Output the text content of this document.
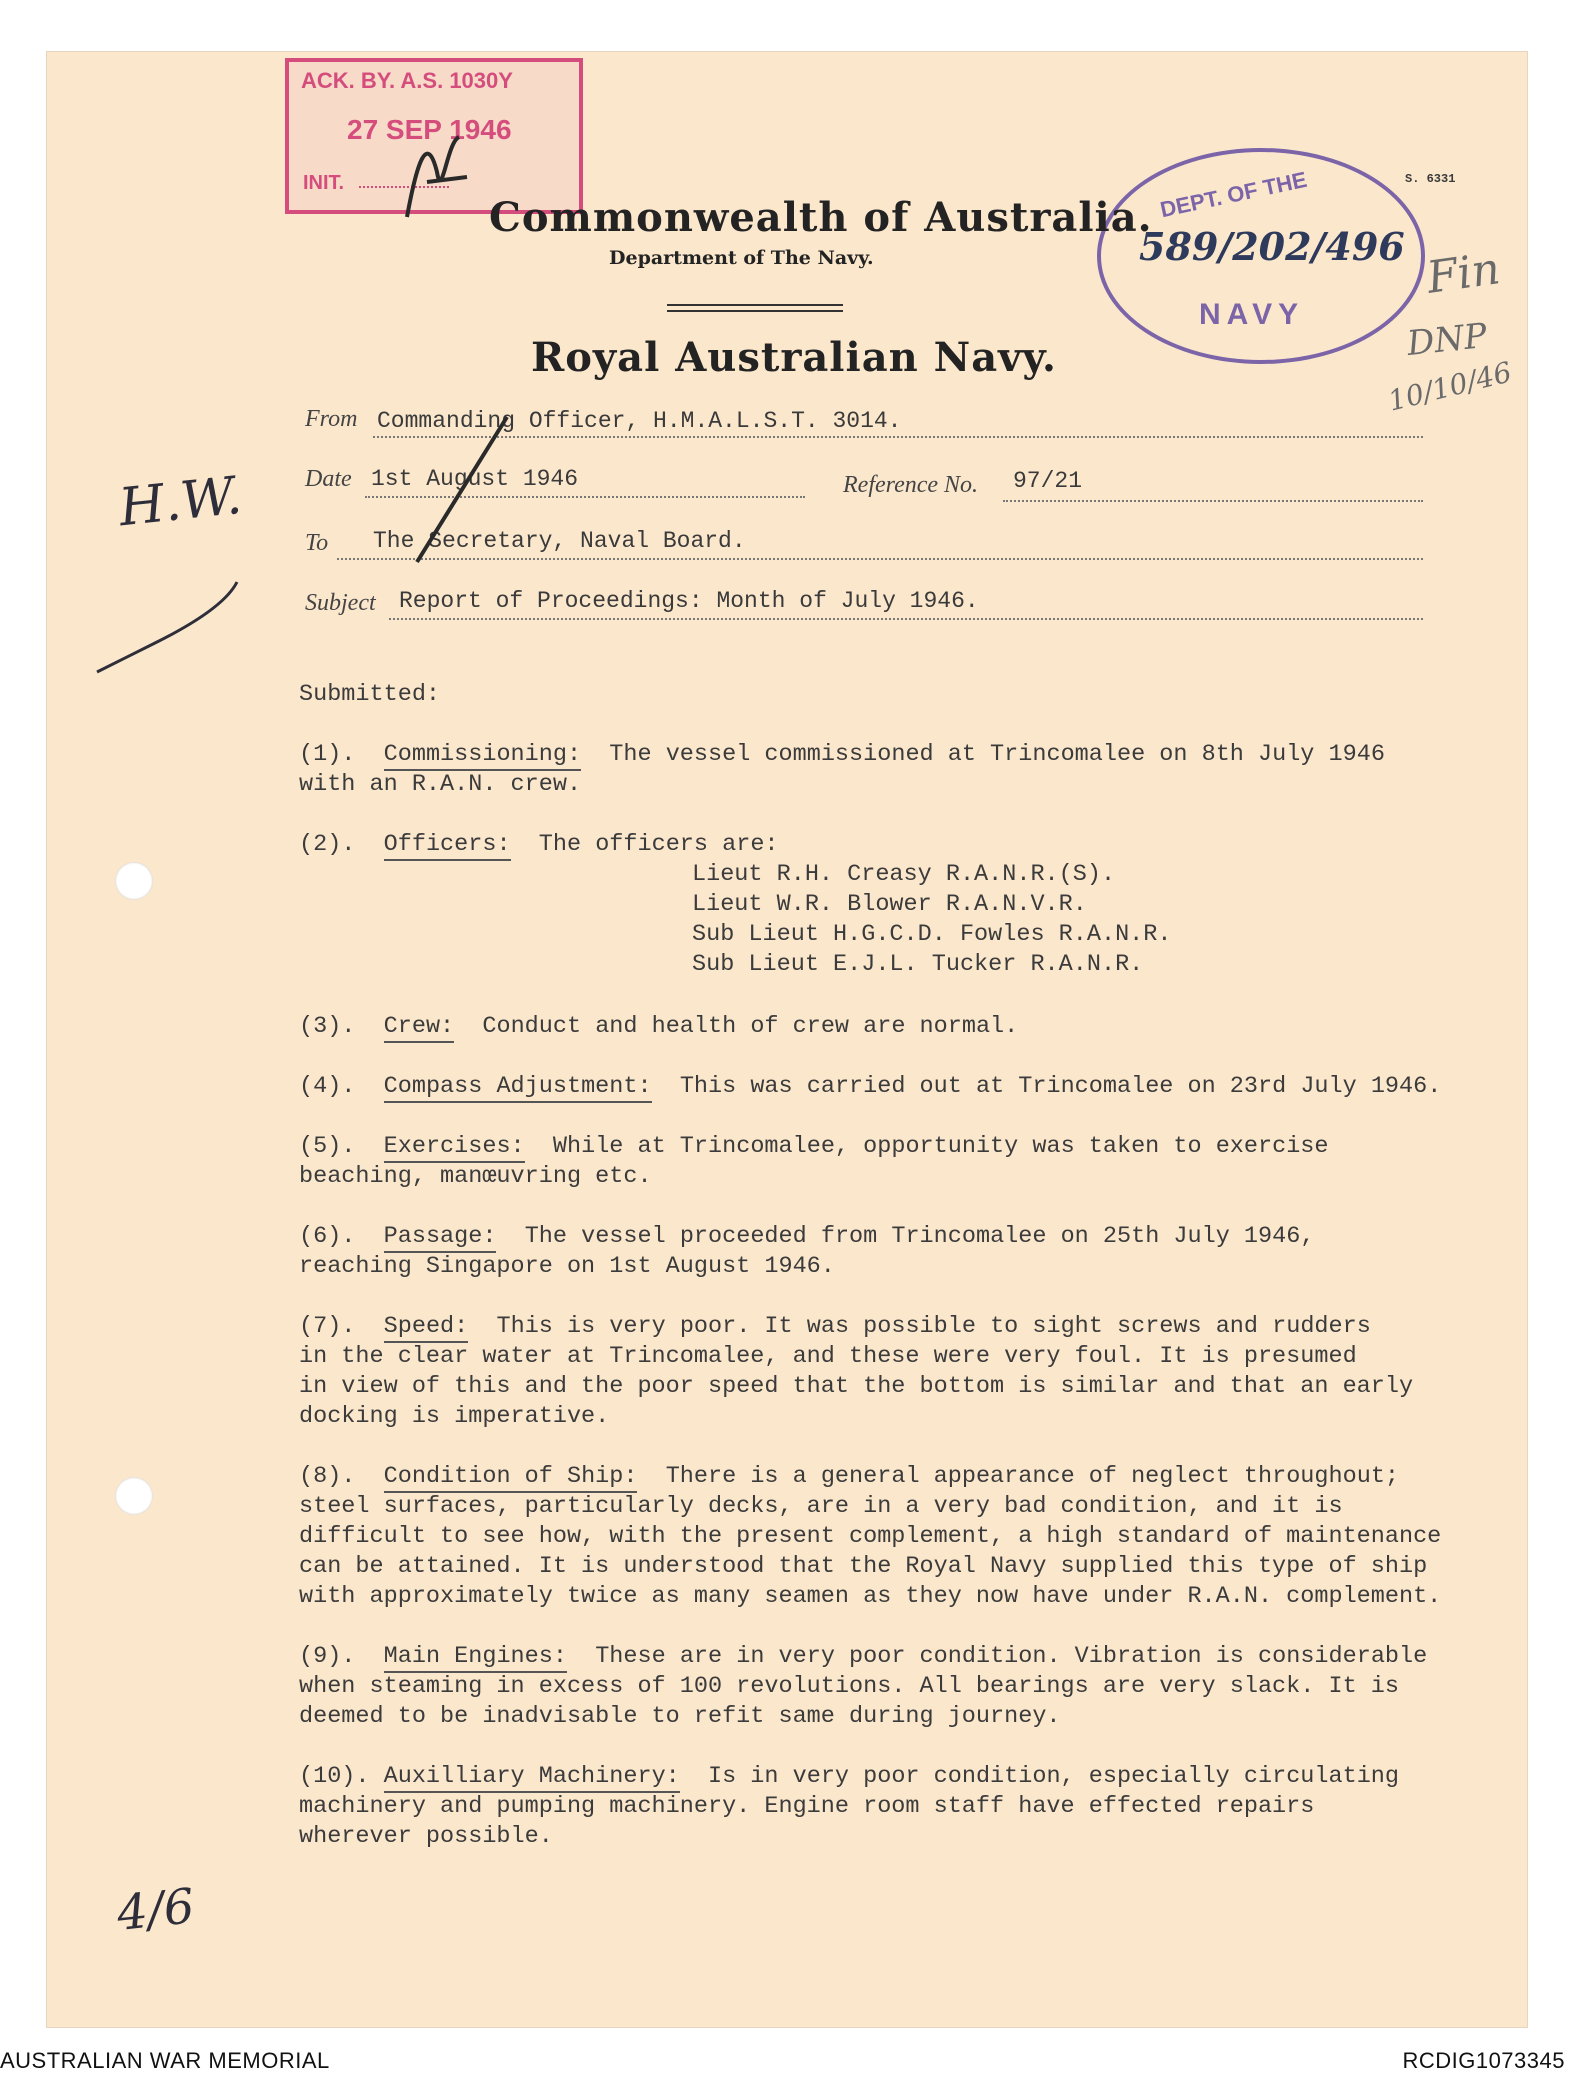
ACK. BY. A.S. 1030Y
27 SEP 1946
INIT.	S. 6331
DEPT. OF THE
589/202/496
NAVY
Fin
DNP
10/10/46
Commonwealth of Australia.
Department of The Navy.
Royal Australian Navy.
From Commanding Officer, H.M.A.L.S.T. 3014.
Date 1st August 1946	Reference No. 97/21
To The Secretary, Naval Board.
Subject Report of Proceedings: Month of July 1946.
H.W.
Submitted:
(1). Commissioning: The vessel commissioned at Trincomalee on 8th July 1946
with an R.A.N. crew.
(2). Officers: The officers are:
Lieut R.H. Creasy R.A.N.R.(S).
Lieut W.R. Blower R.A.N.V.R.
Sub Lieut H.G.C.D. Fowles R.A.N.R.
Sub Lieut E.J.L. Tucker R.A.N.R.
(3). Crew: Conduct and health of crew are normal.
(4). Compass Adjustment: This was carried out at Trincomalee on 23rd July 1946.
(5). Exercises: While at Trincomalee, opportunity was taken to exercise
beaching, manœuvring etc.
(6). Passage: The vessel proceeded from Trincomalee on 25th July 1946,
reaching Singapore on 1st August 1946.
(7). Speed: This is very poor. It was possible to sight screws and rudders
in the clear water at Trincomalee, and these were very foul. It is presumed
in view of this and the poor speed that the bottom is similar and that an early
docking is imperative.
(8). Condition of Ship: There is a general appearance of neglect throughout;
steel surfaces, particularly decks, are in a very bad condition, and it is
difficult to see how, with the present complement, a high standard of maintenance
can be attained. It is understood that the Royal Navy supplied this type of ship
with approximately twice as many seamen as they now have under R.A.N. complement.
(9). Main Engines: These are in very poor condition. Vibration is considerable
when steaming in excess of 100 revolutions. All bearings are very slack. It is
deemed to be inadvisable to refit same during journey.
(10). Auxilliary Machinery: Is in very poor condition, especially circulating
machinery and pumping machinery. Engine room staff have effected repairs
wherever possible.
4/6
AUSTRALIAN WAR MEMORIAL	RCDIG1073345
